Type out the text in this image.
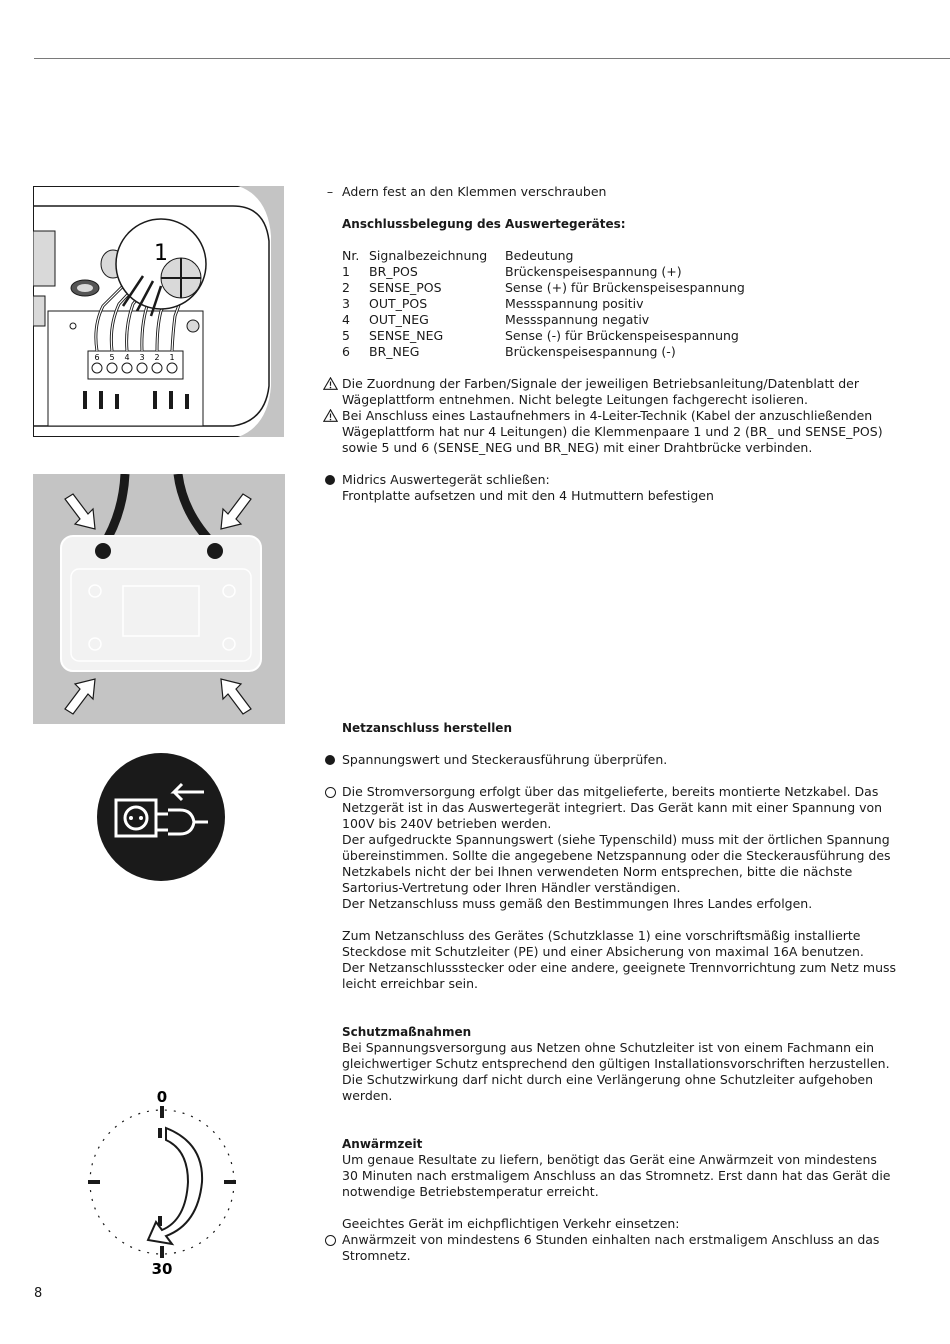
6 5 4 3 2 1
1
0
30
– Adern fest an den Klemmen verschrauben
Anschlussbelegung des Auswertegerätes:
Nr.	Signalbezeichnung	Bedeutung
1	BR_POS	Brückenspeisespannung (+)
2	SENSE_POS	Sense (+) für Brückenspeisespannung
3	OUT_POS	Messspannung positiv
4	OUT_NEG	Messspannung negativ
5	SENSE_NEG	Sense (-) für Brückenspeisespannung
6	BR_NEG	Brückenspeisespannung (-)
Die Zuordnung der Farben/Signale der jeweiligen Betriebsanleitung/Datenblatt der
Wägeplattform entnehmen. Nicht belegte Leitungen fachgerecht isolieren.
Bei Anschluss eines Lastaufnehmers in 4-Leiter-Technik (Kabel der anzuschließenden
Wägeplattform hat nur 4 Leitungen) die Klemmenpaare 1 und 2 (BR_ und SENSE_POS)
sowie 5 und 6 (SENSE_NEG und BR_NEG) mit einer Drahtbrücke verbinden.
Midrics Auswertegerät schließen:
Frontplatte aufsetzen und mit den 4 Hutmuttern befestigen
Netzanschluss herstellen
Spannungswert und Steckerausführung überprüfen.
Die Stromversorgung erfolgt über das mitgelieferte, bereits montierte Netzkabel. Das
Netzgerät ist in das Auswertegerät integriert. Das Gerät kann mit einer Spannung von
100V bis 240V betrieben werden.
Der aufgedruckte Spannungswert (siehe Typenschild) muss mit der örtlichen Spannung
übereinstimmen. Sollte die angegebene Netzspannung oder die Steckerausführung des
Netzkabels nicht der bei Ihnen verwendeten Norm entsprechen, bitte die nächste
Sartorius-Vertretung oder Ihren Händler verständigen.
Der Netzanschluss muss gemäß den Bestimmungen Ihres Landes erfolgen.
Zum Netzanschluss des Gerätes (Schutzklasse 1) eine vorschriftsmäßig installierte
Steckdose mit Schutzleiter (PE) und einer Absicherung von maximal 16A benutzen.
Der Netzanschlussstecker oder eine andere, geeignete Trennvorrichtung zum Netz muss
leicht erreichbar sein.
Schutzmaßnahmen
Bei Spannungsversorgung aus Netzen ohne Schutzleiter ist von einem Fachmann ein
gleichwertiger Schutz entsprechend den gültigen Installationsvorschriften herzustellen.
Die Schutzwirkung darf nicht durch eine Verlängerung ohne Schutzleiter aufgehoben
werden.
Anwärmzeit
Um genaue Resultate zu liefern, benötigt das Gerät eine Anwärmzeit von mindestens
30 Minuten nach erstmaligem Anschluss an das Stromnetz. Erst dann hat das Gerät die
notwendige Betriebstemperatur erreicht.
Geeichtes Gerät im eichpflichtigen Verkehr einsetzen:
Anwärmzeit von mindestens 6 Stunden einhalten nach erstmaligem Anschluss an das
Stromnetz.
8
